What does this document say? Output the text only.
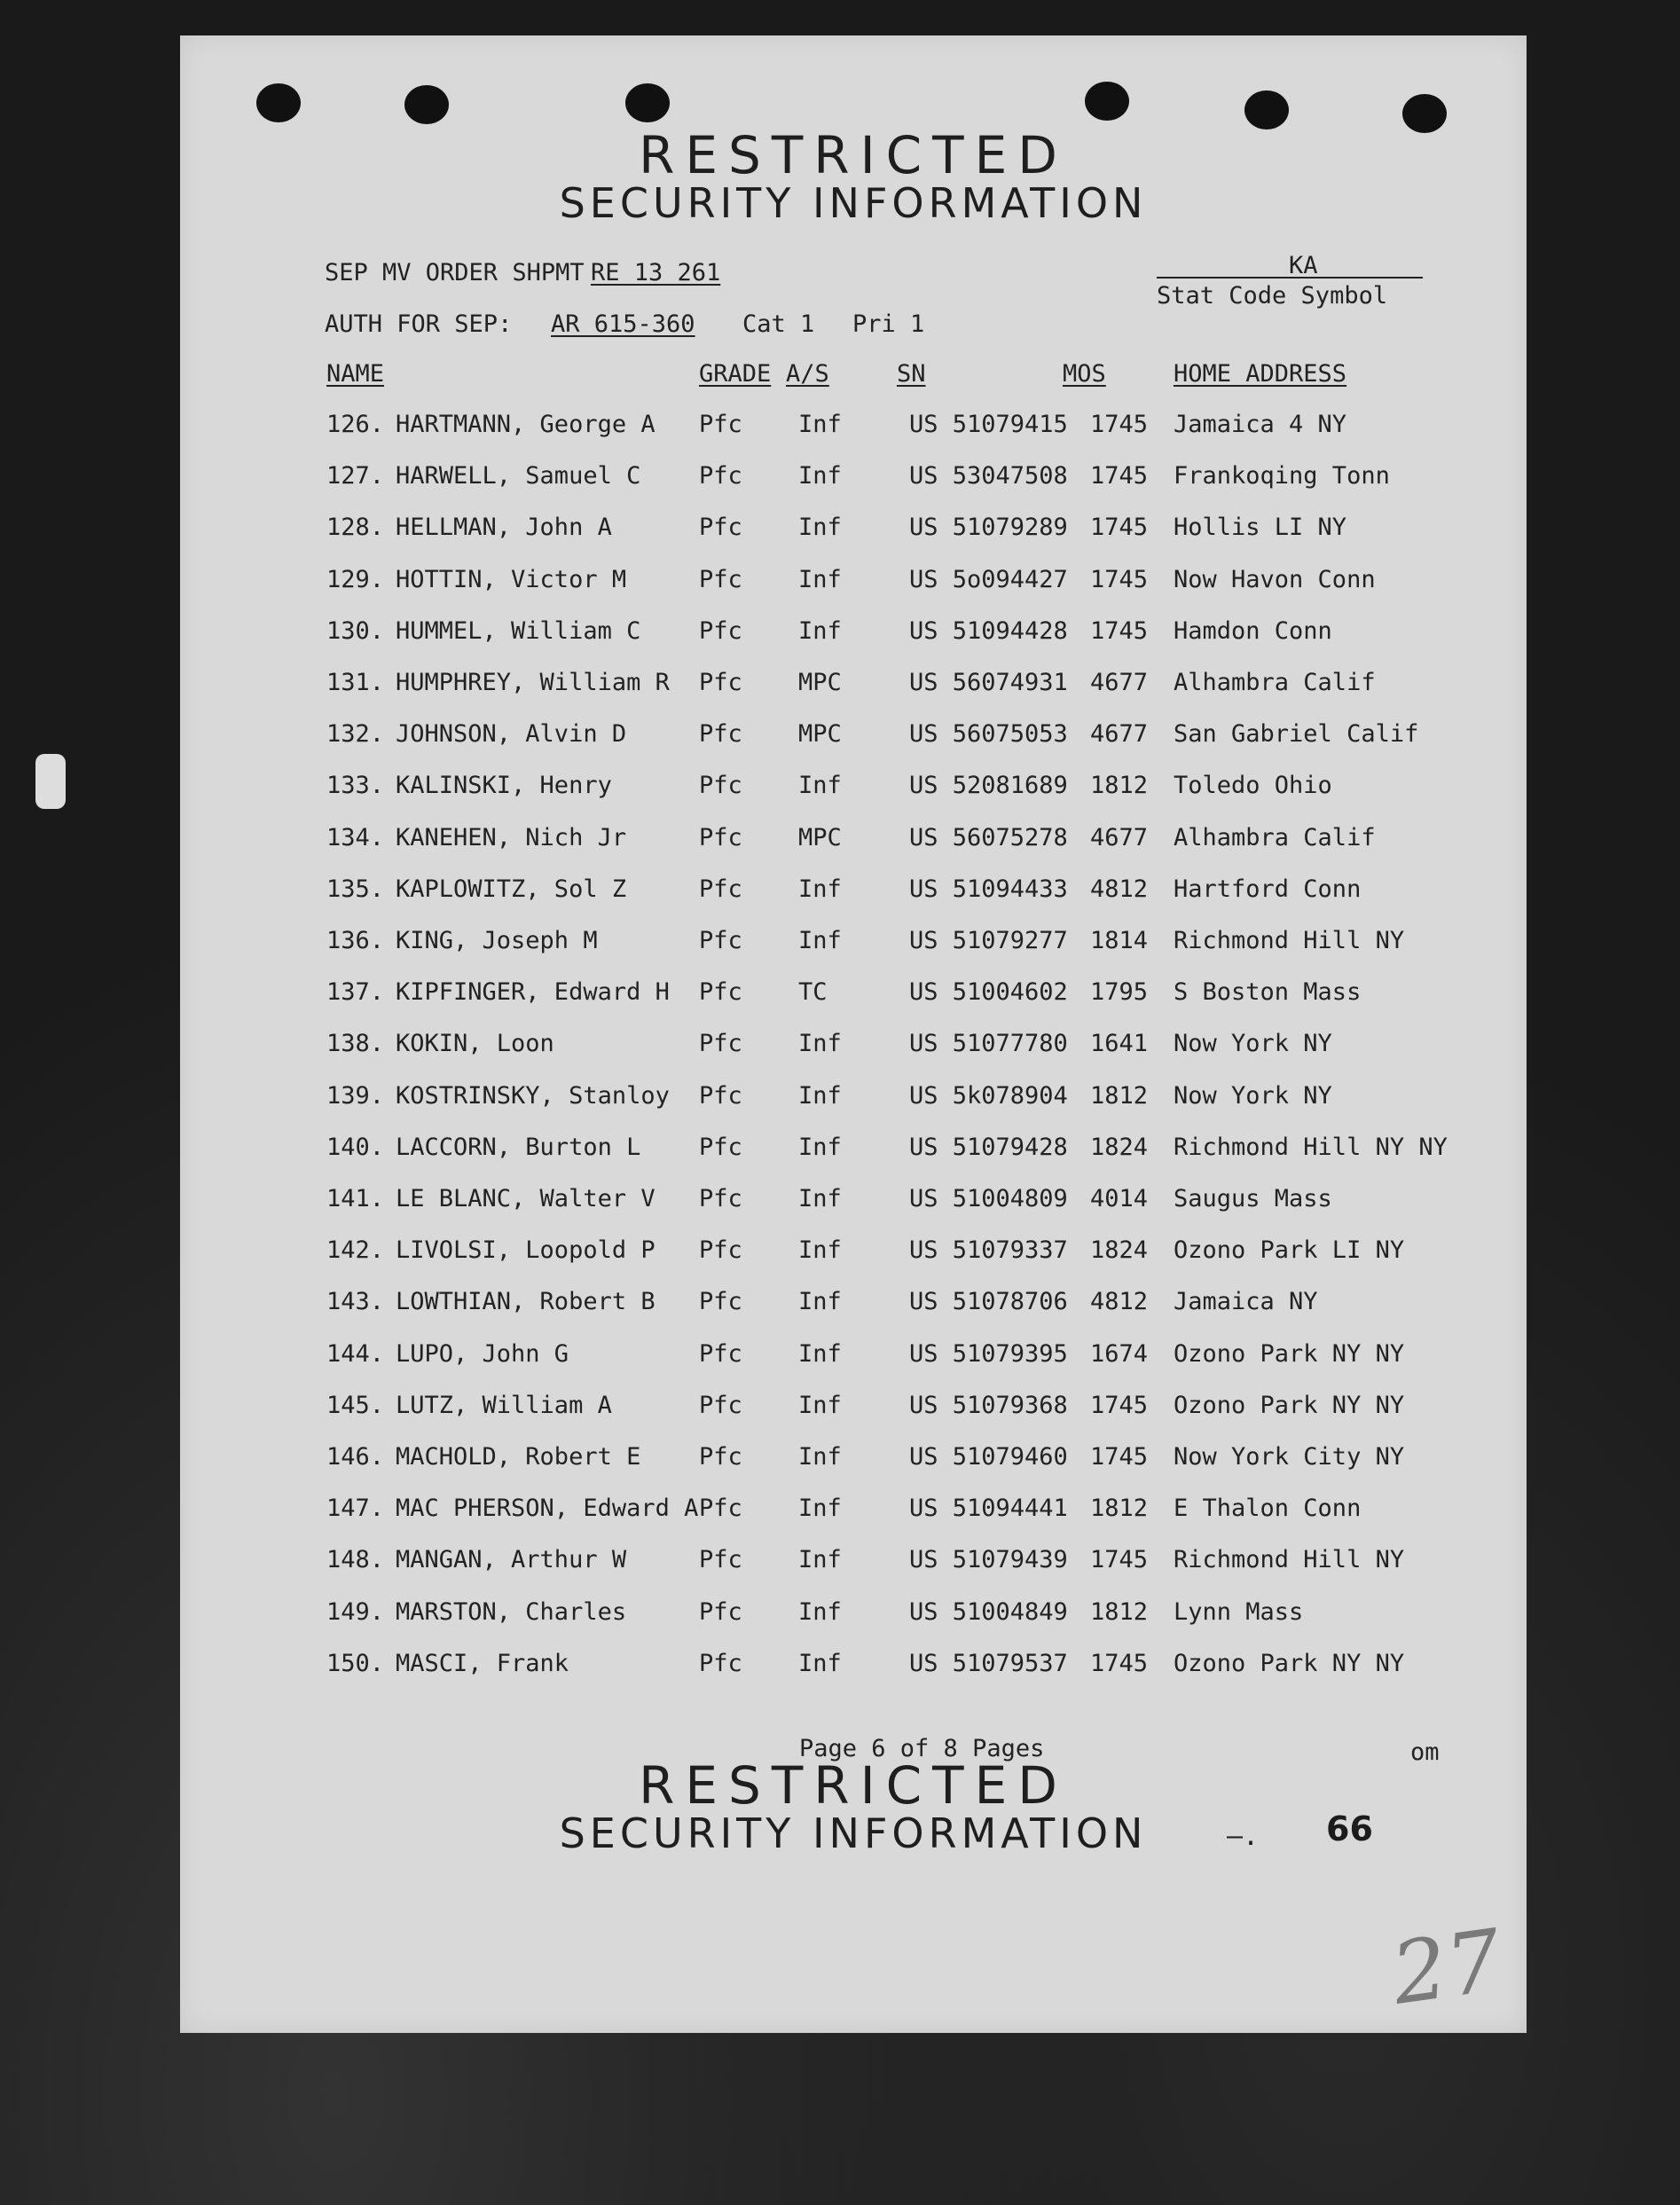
RESTRICTED
SECURITY INFORMATION
SEP MV ORDER SHPMT RE 13 261	KA
Stat Code Symbol
AUTH FOR SEP: AR 615-360 Cat 1 Pri 1
NAME	GRADE A/S	SN	MOS	HOME ADDRESS
126. HARTMANN, George A Pfc Inf	US 51079415 1745 Jamaica 4 NY
127. HARWELL, Samuel C Pfc Inf	US 53047508 1745 Frankoqing Tonn
128. HELLMAN, John A	Pfc Inf	US 51079289 1745 Hollis LI NY
129. HOTTIN, Victor M	Pfc Inf	US 5o094427 1745 Now Havon Conn
130. HUMMEL, William C Pfc Inf	US 51094428 1745 Hamdon Conn
131. HUMPHREY, William R Pfc MPC	US 56074931 4677 Alhambra Calif
132. JOHNSON, Alvin D	Pfc MPC	US 56075053 4677 San Gabriel Calif
133. KALINSKI, Henry	Pfc Inf	US 52081689 1812 Toledo Ohio
134. KANEHEN, Nich Jr	Pfc MPC	US 56075278 4677 Alhambra Calif
135. KAPLOWITZ, Sol Z	Pfc Inf	US 51094433 4812 Hartford Conn
136. KING, Joseph M	Pfc Inf	US 51079277 1814 Richmond Hill NY
137. KIPFINGER, Edward H Pfc TC	US 51004602 1795 S Boston Mass
138. KOKIN, Loon	Pfc Inf	US 51077780 1641 Now York NY
139. KOSTRINSKY, Stanloy Pfc Inf	US 5k078904 1812 Now York NY
140. LACCORN, Burton L Pfc Inf	US 51079428 1824 Richmond Hill NY NY
141. LE BLANC, Walter V Pfc Inf	US 51004809 4014 Saugus Mass
142. LIVOLSI, Loopold P Pfc Inf	US 51079337 1824 Ozono Park LI NY
143. LOWTHIAN, Robert B Pfc Inf	US 51078706 4812 Jamaica NY
144. LUPO, John G	Pfc Inf	US 51079395 1674 Ozono Park NY NY
145. LUTZ, William A	Pfc Inf	US 51079368 1745 Ozono Park NY NY
146. MACHOLD, Robert E Pfc Inf	US 51079460 1745 Now York City NY
147. MAC PHERSON, Edward A Pfc Inf	US 51094441 1812 E Thalon Conn
148. MANGAN, Arthur W	Pfc Inf	US 51079439 1745 Richmond Hill NY
149. MARSTON, Charles	Pfc Inf	US 51004849 1812 Lynn Mass
150. MASCI, Frank	Pfc Inf	US 51079537 1745 Ozono Park NY NY
Page 6 of 8 Pages	om
RESTRICTED
SECURITY INFORMATION	–. 66
27
